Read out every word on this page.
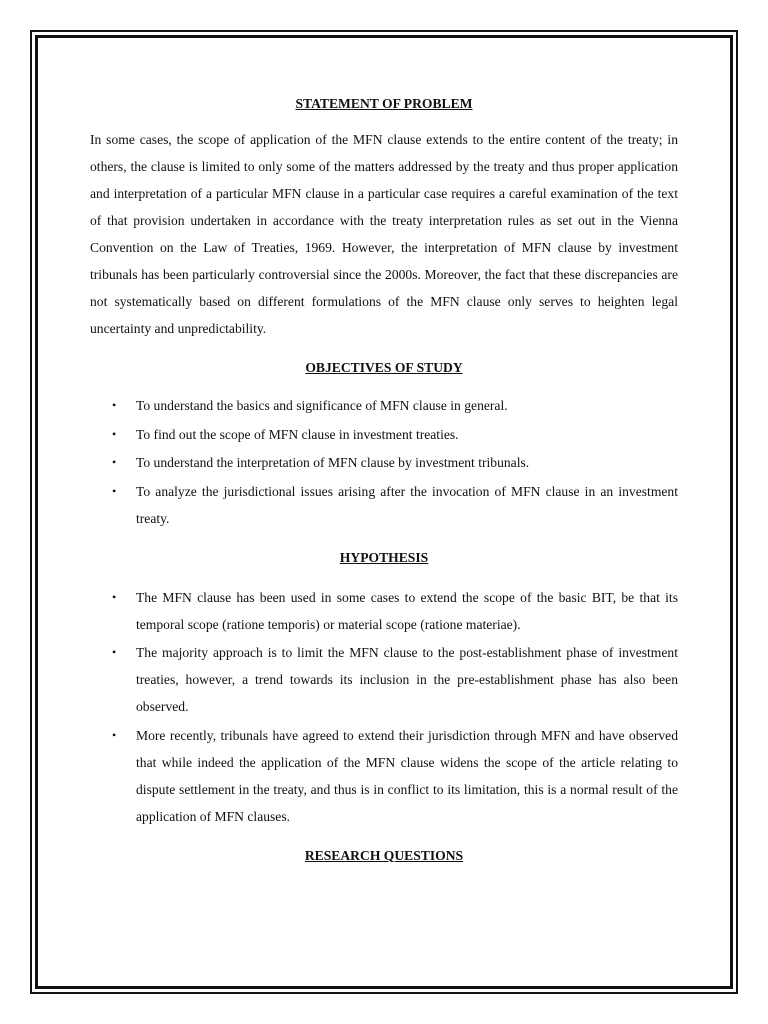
STATEMENT OF PROBLEM

In some cases, the scope of application of the MFN clause extends to the entire content of the treaty; in others, the clause is limited to only some of the matters addressed by the treaty and thus proper application and interpretation of a particular MFN clause in a particular case requires a careful examination of the text of that provision undertaken in accordance with the treaty interpretation rules as set out in the Vienna Convention on the Law of Treaties, 1969. However, the interpretation of MFN clause by investment tribunals has been particularly controversial since the 2000s. Moreover, the fact that these discrepancies are not systematically based on different formulations of the MFN clause only serves to heighten legal uncertainty and unpredictability.

OBJECTIVES OF STUDY
• To understand the basics and significance of MFN clause in general.
• To find out the scope of MFN clause in investment treaties.
• To understand the interpretation of MFN clause by investment tribunals.
• To analyze the jurisdictional issues arising after the invocation of MFN clause in an investment treaty.
HYPOTHESIS
• The MFN clause has been used in some cases to extend the scope of the basic BIT, be that its temporal scope (ratione temporis) or material scope (ratione materiae).
• The majority approach is to limit the MFN clause to the post-establishment phase of investment treaties, however, a trend towards its inclusion in the pre-establishment phase has also been observed.
• More recently, tribunals have agreed to extend their jurisdiction through MFN and have observed that while indeed the application of the MFN clause widens the scope of the article relating to dispute settlement in the treaty, and thus is in conflict to its limitation, this is a normal result of the application of MFN clauses.
RESEARCH QUESTIONS
